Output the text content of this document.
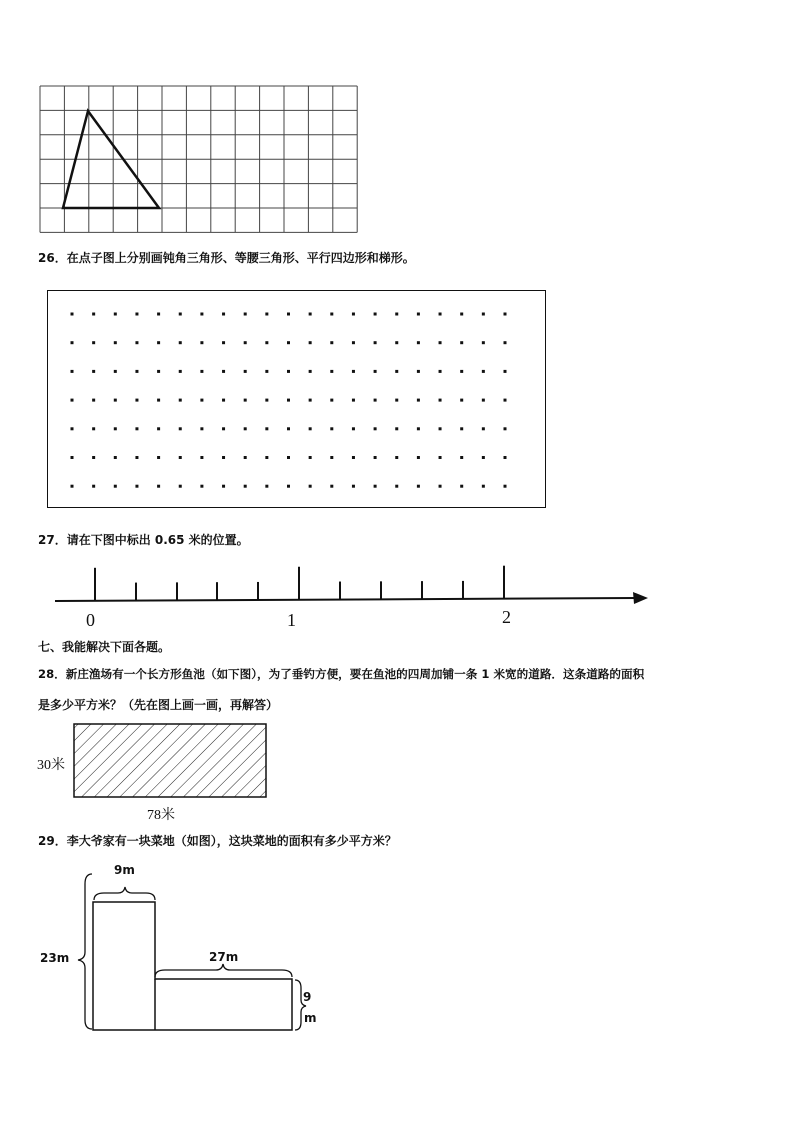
26．在点子图上分别画钝角三角形、等腰三角形、平行四边形和梯形。
27．请在下图中标出 0.65 米的位置。
0	1	2
七、我能解决下面各题。
28．新庄渔场有一个长方形鱼池（如下图），为了垂钓方便，要在鱼池的四周加铺一条 1 米宽的道路．这条道路的面积
是多少平方米？（先在图上画一画，再解答）
30米
78米
29．李大爷家有一块菜地（如图），这块菜地的面积有多少平方米？
9m
23m	27m
9
m
